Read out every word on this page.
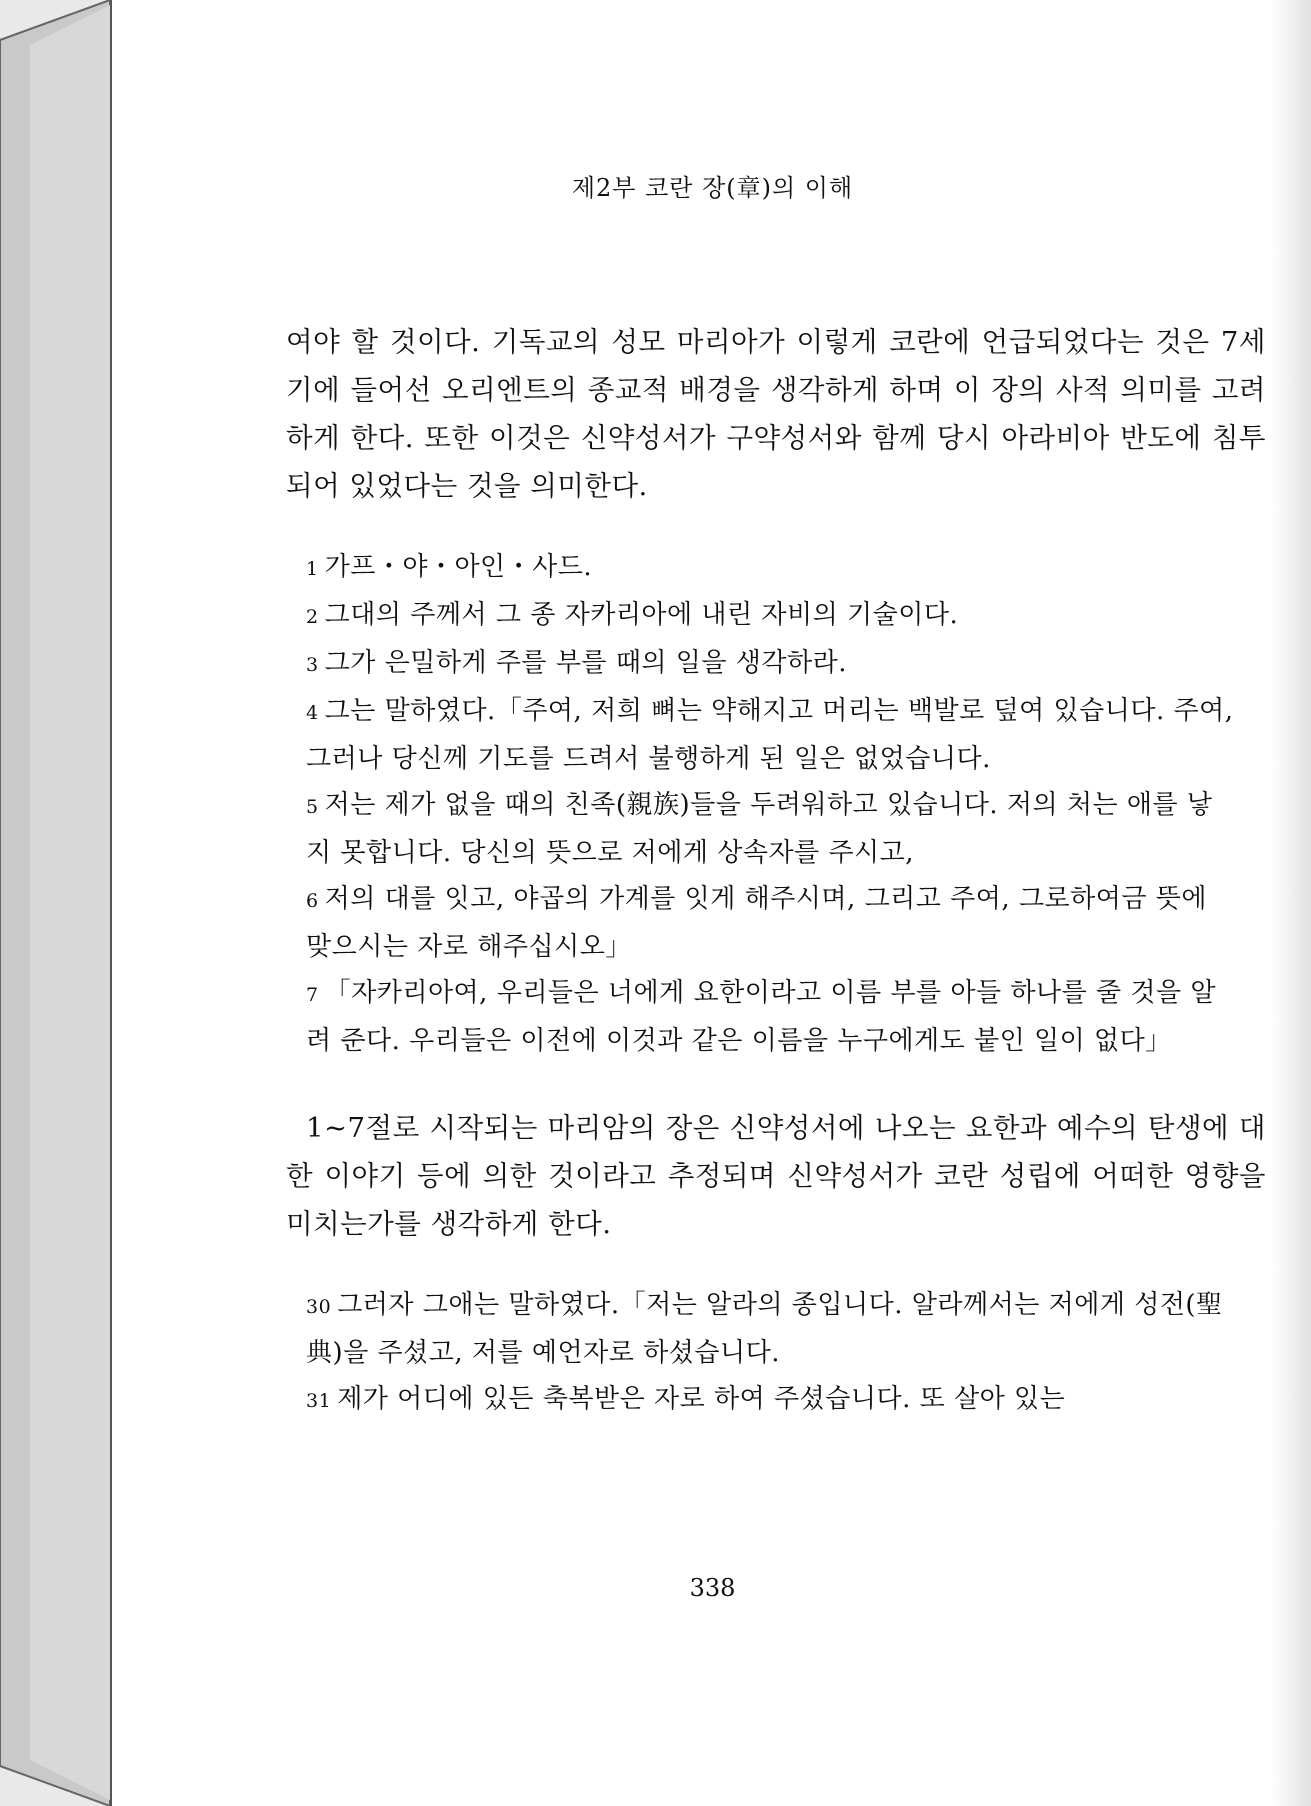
제2부 코란 장(章)의 이해

여야 할 것이다. 기독교의 성모 마리아가 이렇게 코란에 언급되었다는 것은 7세기에 들어선 오리엔트의 종교적 배경을 생각하게 하며 이 장의 사적 의미를 고려하게 한다. 또한 이것은 신약성서가 구약성서와 함께 당시 아라비아 반도에 침투되어 있었다는 것을 의미한다.

1 가프・야・아인・사드.

2 그대의 주께서 그 종 자카리아에 내린 자비의 기술이다.

3 그가 은밀하게 주를 부를 때의 일을 생각하라.

4 그는 말하였다.「주여, 저희 뼈는 약해지고 머리는 백발로 덮여 있습니다. 주여, 그러나 당신께 기도를 드려서 불행하게 된 일은 없었습니다.

5 저는 제가 없을 때의 친족(親族)들을 두려워하고 있습니다. 저의 처는 애를 낳지 못합니다. 당신의 뜻으로 저에게 상속자를 주시고,

6 저의 대를 잇고, 야곱의 가계를 잇게 해주시며, 그리고 주여, 그로하여금 뜻에 맞으시는 자로 해주십시오」

7 「자카리아여, 우리들은 너에게 요한이라고 이름 부를 아들 하나를 줄 것을 알려 준다. 우리들은 이전에 이것과 같은 이름을 누구에게도 붙인 일이 없다」

1~7절로 시작되는 마리암의 장은 신약성서에 나오는 요한과 예수의 탄생에 대한 이야기 등에 의한 것이라고 추정되며 신약성서가 코란 성립에 어떠한 영향을 미치는가를 생각하게 한다.

30 그러자 그애는 말하였다.「저는 알라의 종입니다. 알라께서는 저에게 성전(聖典)을 주셨고, 저를 예언자로 하셨습니다.

31 제가 어디에 있든 축복받은 자로 하여 주셨습니다. 또 살아 있는

338
